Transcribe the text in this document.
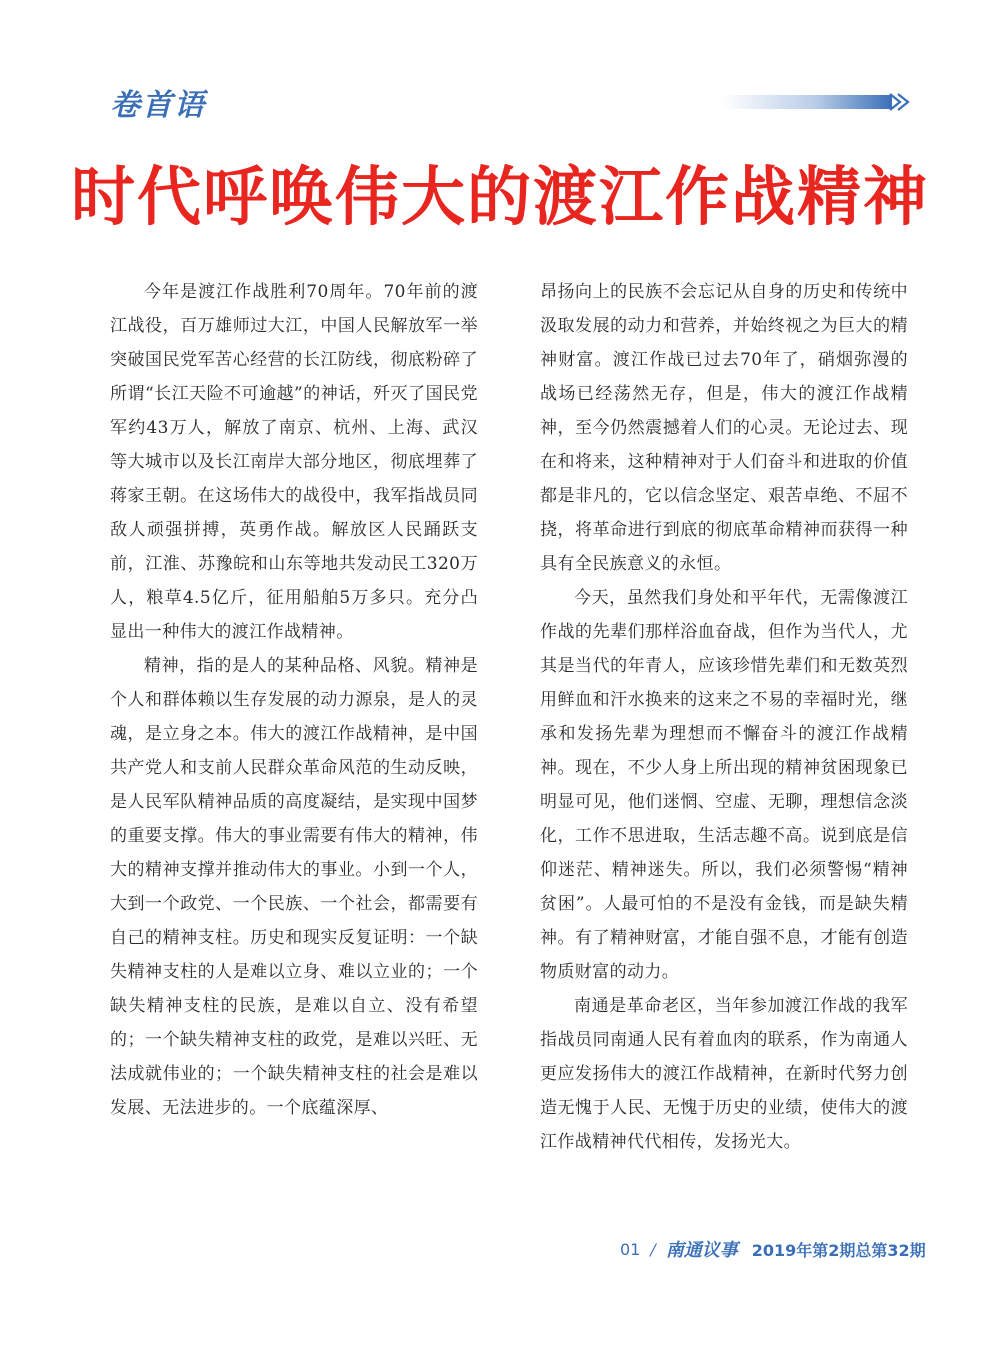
卷首语
时代呼唤伟大的渡江作战精神

今年是渡江作战胜利70周年。70年前的渡江战役，百万雄师过大江，中国人民解放军一举突破国民党军苦心经营的长江防线，彻底粉碎了所谓“长江天险不可逾越”的神话，歼灭了国民党军约43万人，解放了南京、杭州、上海、武汉等大城市以及长江南岸大部分地区，彻底埋葬了蒋家王朝。在这场伟大的战役中，我军指战员同敌人顽强拼搏，英勇作战。解放区人民踊跃支前，江淮、苏豫皖和山东等地共发动民工320万人，粮草4.5亿斤，征用船舶5万多只。充分凸显出一种伟大的渡江作战精神。

精神，指的是人的某种品格、风貌。精神是个人和群体赖以生存发展的动力源泉，是人的灵魂，是立身之本。伟大的渡江作战精神，是中国共产党人和支前人民群众革命风范的生动反映，是人民军队精神品质的高度凝结，是实现中国梦的重要支撑。伟大的事业需要有伟大的精神，伟大的精神支撑并推动伟大的事业。小到一个人，大到一个政党、一个民族、一个社会，都需要有自己的精神支柱。历史和现实反复证明：一个缺失精神支柱的人是难以立身、难以立业的；一个缺失精神支柱的民族，是难以自立、没有希望的；一个缺失精神支柱的政党，是难以兴旺、无法成就伟业的；一个缺失精神支柱的社会是难以发展、无法进步的。一个底蕴深厚、

昂扬向上的民族不会忘记从自身的历史和传统中汲取发展的动力和营养，并始终视之为巨大的精神财富。渡江作战已过去70年了，硝烟弥漫的战场已经荡然无存，但是，伟大的渡江作战精神，至今仍然震撼着人们的心灵。无论过去、现在和将来，这种精神对于人们奋斗和进取的价值都是非凡的，它以信念坚定、艰苦卓绝、不屈不挠，将革命进行到底的彻底革命精神而获得一种具有全民族意义的永恒。

今天，虽然我们身处和平年代，无需像渡江作战的先辈们那样浴血奋战，但作为当代人，尤其是当代的年青人，应该珍惜先辈们和无数英烈用鲜血和汗水换来的这来之不易的幸福时光，继承和发扬先辈为理想而不懈奋斗的渡江作战精神。现在，不少人身上所出现的精神贫困现象已明显可见，他们迷惘、空虚、无聊，理想信念淡化，工作不思进取，生活志趣不高。说到底是信仰迷茫、精神迷失。所以，我们必须警惕“精神贫困”。人最可怕的不是没有金钱，而是缺失精神。有了精神财富，才能自强不息，才能有创造物质财富的动力。

南通是革命老区，当年参加渡江作战的我军指战员同南通人民有着血肉的联系，作为南通人更应发扬伟大的渡江作战精神，在新时代努力创造无愧于人民、无愧于历史的业绩，使伟大的渡江作战精神代代相传，发扬光大。

01 / 南通议事 2019年第2期总第32期
